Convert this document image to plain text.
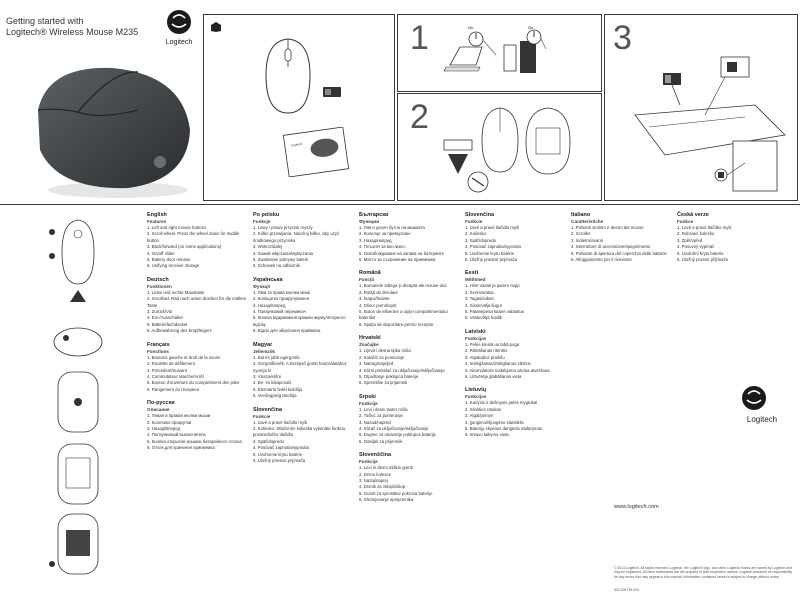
Getting started with
Logitech® Wireless Mouse M235
Logitech
Logitech
1	On	On 3
2
English
Features
1. Left and right mouse buttons
2. Scroll wheel. Press the wheel down for middle button
3. Back/forward (on some applications)
4. On/off slider
5. Battery door release
6. Unifying receiver storage
Deutsch
Funktionen
1. Linke und rechte Maustaste
2. Scrollrad. Rad nach unten drücken für die mittlere Taste
3. Zurück/Vor
4. Ein-/Ausschalter
5. Batteriefachdeckel
6. Aufbewahrung des Empfängers
Français
Fonctions
1. Boutons gauche et droit de la souris
2. Roulette de défilement
3. Précédent/Suivant
4. Commutateur Marche/Arrêt
5. Bouton d'ouverture du compartiment des piles
6. Rangement du récepteur
По-русски
Описание
1. Левая и правая кнопки мыши
2. Колесико прокрутки
3. Назад/Вперед
4. Ползунковый выключатель
5. Кнопка открытия крышки батарейного отсека
6. Отсек для хранения приемника
Po polsku
Funkcje
1. Lewy i prawy przycisk myszy
2. Kółko przewijania. Naciśnij kółko, aby użyć środkowego przycisku
3. Wstecz/dalej
4. Suwak włączania/wyłączania
5. Zwalnianie pokrywy baterii
6. Schowek na odbiornik
Українська
Функції
1. Ліва та права кнопки миші
2. Коліщатко прокручування
3. Назад/вперед
4. Повзунковий перемикач
5. Кнопка відкривання кришки акумуляторного відсіку
6. Відсік для зберігання приймача
Magyar
Jellemzők
1. Bal és jobb egérgomb
2. Görgetőkerék. A középső gomb használatához nyomja le
3. Vissza/előre
4. Be- és kikapcsoló
5. Elemtartó fedél kioldója
6. Vevőegység tárolója
Slovenčina
Funkcie
1. Ľavé a pravé tlačidlo myši
2. Koliesko. Stlačením kolieska vykonáte funkciu prostredného tlačidla
3. Späť/dopredu
4. Posúvač zapnutia/vypnutia
5. Uvoľnenie krytu batérie
6. Úložný priestor prijímača
Български
Функции
1. Ляв и десен бутон на мишката
2. Колелце за превъртане
3. Назад/напред
4. Плъзгач за вкл./изкл.
5. Освобождаване на капака на батериите
6. Място за съхранение на приемника
Română
Funcţii
1. Butoanele stânga şi dreapta ale mouse-ului
2. Rotiţă de derulare
3. Înapoi/înainte
4. Glisor pornit/oprit
5. Buton de eliberare a uşiţei compartimentului bateriilor
6. Spaţiu de depozitare pentru receptor
Hrvatski
Značajke
1. Lijeva i desna tipka miša
2. Kotačić za pomicanje
3. Natrag/naprijed
4. Klizni prekidač za uključivanje/isključivanje
5. Otpuštanje poklopca baterije
6. Spremište za prijamnik
Srpski
Funkcije
1. Levi i desni taster miša
2. Točkić za pomeranje
3. Nazad/napred
4. Klizač za uključivanje/isključivanje
5. Dugme za otvaranje poklopca baterije
6. Odeljak za prijemnik
Slovenščina
Funkcije
1. Levi in desni miškin gumb
2. Drsno kolesce
3. Nazaj/naprej
4. Drsnik za vklop/izklop
5. Gumb za sprostitev pokrova baterije
6. Shranjevanje sprejemnika
Slovenčina
Funkcie
1. Ľavé a pravé tlačidlo myši
2. Koliesko
3. Späť/dopredu
4. Posúvač zapnutia/vypnutia
5. Uvoľnenie krytu batérie
6. Úložný priestor prijímača
Eesti
Mõõtmed
1. Hiire vasak ja parem nupp
2. Kerimisratas
3. Tagasi/edasi
4. Sisse/välja liugur
5. Patareipesa kaane vabastus
6. Vastuvõtja hoidik
Latviski
Funkcijas
1. Peles kreisā un labā poga
2. Ritināšanas ritenītis
3. Atpakaļ/uz priekšu
4. Ieslēgšanas/izslēgšanas slēdzis
5. Akumulatora nodalījuma vāciņa atvēršana
6. Uztvērēja glabāšanas vieta
Lietuvių
Funkcijos
1. Kairysis ir dešinysis pelės mygtukai
2. Slinkties ratukas
3. Atgal/pirmyn
4. Įjungimo/išjungimo slankiklis
5. Baterijų skyriaus dangtelio atidarymas
6. Imtuvo laikymo vieta
Italiano
Caratteristiche
1. Pulsanti sinistro e destro del mouse
2. Scroller
3. Indietro/avanti
4. Interruttore di accensione/spegnimento
5. Pulsante di apertura del coperchio delle batterie
6. Alloggiamento per il ricevitore
Česká verze
Funkce
1. Levé a pravé tlačítko myši
2. Rolovací kolečko
3. Zpět/vpřed
4. Posuvný vypínač
5. Uvolnění krytu baterie
6. Úložný prostor přijímače
Logitech
www.logitech.com
© 2013 Logitech. All rights reserved. Logitech, the Logitech logo, and other Logitech marks are owned by Logitech and may be registered. All other trademarks are the property of their respective owners. Logitech assumes no responsibility for any errors that may appear in this manual. Information contained herein is subject to change without notice.
620-004735.003
